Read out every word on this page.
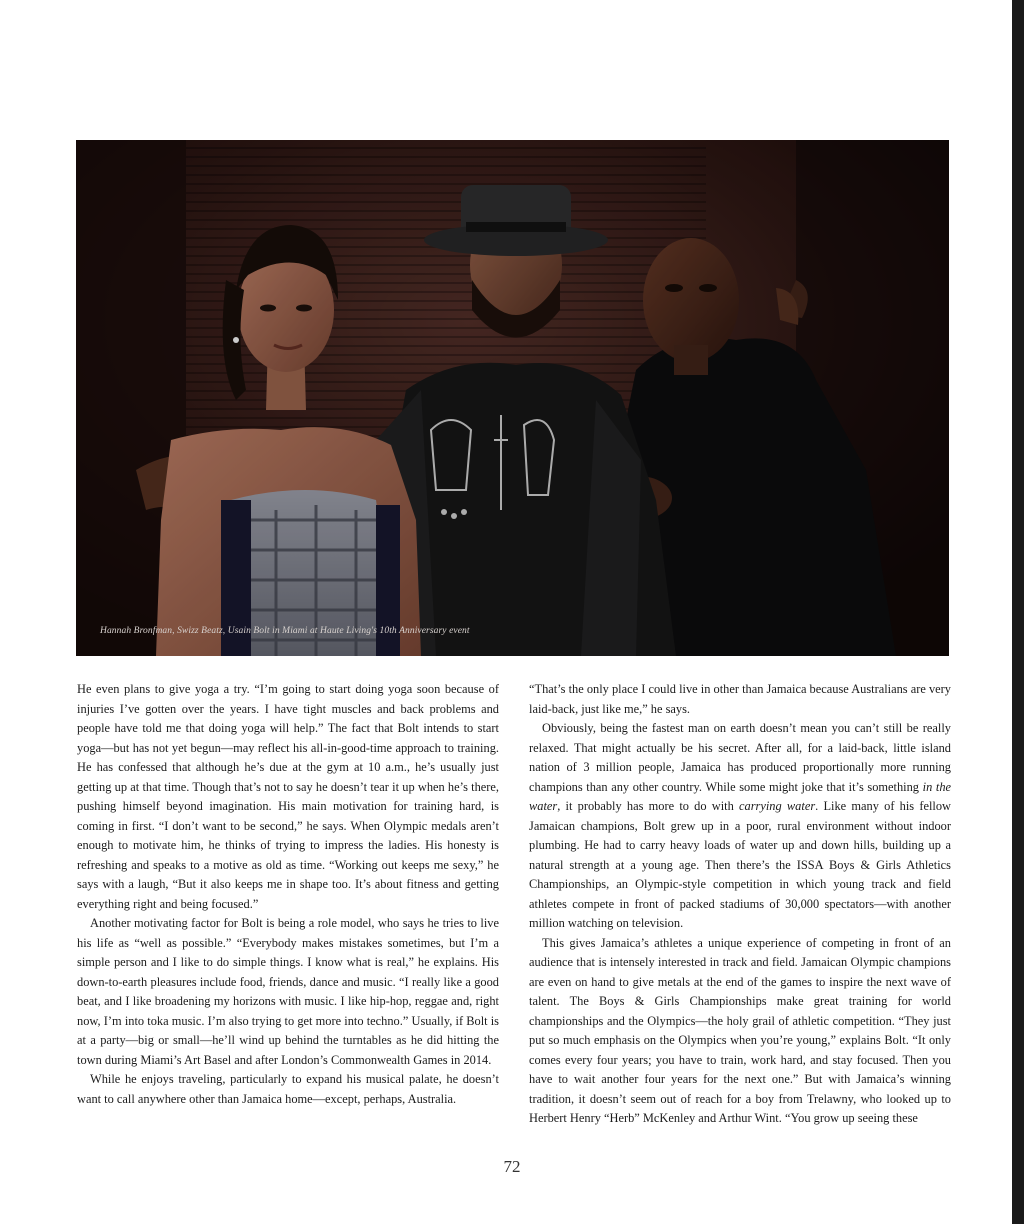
Hannah Bronfman, Swizz Beatz, Usain Bolt in Miami at Haute Living's 10th Anniversary event

He even plans to give yoga a try. “I’m going to start doing yoga soon because of injuries I’ve gotten over the years. I have tight muscles and back problems and people have told me that doing yoga will help.” The fact that Bolt intends to start yoga—but has not yet begun—may reflect his all-in-good-time approach to training. He has confessed that although he’s due at the gym at 10 a.m., he’s usually just getting up at that time. Though that’s not to say he doesn’t tear it up when he’s there, pushing himself beyond imagination. His main motivation for training hard, is coming in first. “I don’t want to be second,” he says. When Olympic medals aren’t enough to motivate him, he thinks of trying to impress the ladies. His honesty is refreshing and speaks to a motive as old as time. “Working out keeps me sexy,” he says with a laugh, “But it also keeps me in shape too. It’s about fitness and getting everything right and being focused.”

Another motivating factor for Bolt is being a role model, who says he tries to live his life as “well as possible.” “Everybody makes mistakes sometimes, but I’m a simple person and I like to do simple things. I know what is real,” he explains. His down-to-earth pleasures include food, friends, dance and music. “I really like a good beat, and I like broadening my horizons with music. I like hip-hop, reggae and, right now, I’m into toka music. I’m also trying to get more into techno.” Usually, if Bolt is at a party—big or small—he’ll wind up behind the turntables as he did hitting the town during Miami’s Art Basel and after London’s Commonwealth Games in 2014.

While he enjoys traveling, particularly to expand his musical palate, he doesn’t want to call anywhere other than Jamaica home—except, perhaps, Australia.

“That’s the only place I could live in other than Jamaica because Australians are very laid-back, just like me,” he says.

Obviously, being the fastest man on earth doesn’t mean you can’t still be really relaxed. That might actually be his secret. After all, for a laid-back, little island nation of 3 million people, Jamaica has produced proportionally more running champions than any other country. While some might joke that it’s something in the water, it probably has more to do with carrying water. Like many of his fellow Jamaican champions, Bolt grew up in a poor, rural environment without indoor plumbing. He had to carry heavy loads of water up and down hills, building up a natural strength at a young age. Then there’s the ISSA Boys & Girls Athletics Championships, an Olympic-style competition in which young track and field athletes compete in front of packed stadiums of 30,000 spectators—with another million watching on television.

This gives Jamaica’s athletes a unique experience of competing in front of an audience that is intensely interested in track and field. Jamaican Olympic champions are even on hand to give metals at the end of the games to inspire the next wave of talent. The Boys & Girls Championships make great training for world championships and the Olympics—the holy grail of athletic competition. “They just put so much emphasis on the Olympics when you’re young,” explains Bolt. “It only comes every four years; you have to train, work hard, and stay focused. Then you have to wait another four years for the next one.” But with Jamaica’s winning tradition, it doesn’t seem out of reach for a boy from Trelawny, who looked up to Herbert Henry “Herb” McKenley and Arthur Wint. “You grow up seeing these

72
